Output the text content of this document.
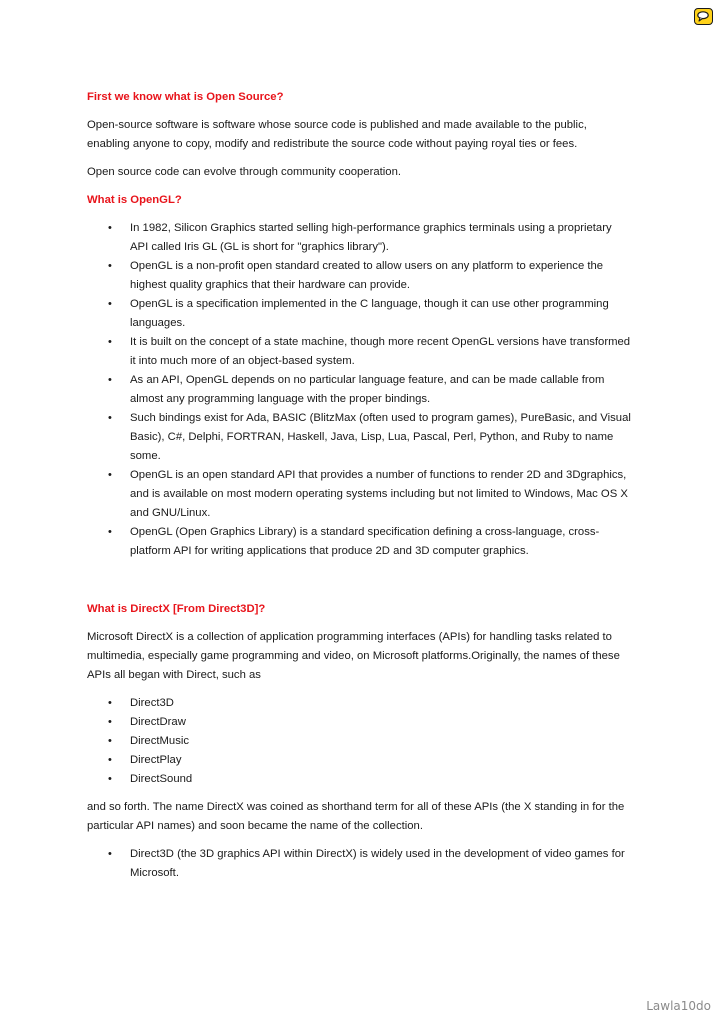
First we know what is Open Source?
Open-source software is software whose source code is published and made available to the public, enabling anyone to copy, modify and redistribute the source code without paying royal ties or fees.
Open source code can evolve through community cooperation.
What is OpenGL?
• In 1982, Silicon Graphics started selling high-performance graphics terminals using a proprietary API called Iris GL (GL is short for "graphics library").
• OpenGL is a non-profit open standard created to allow users on any platform to experience the highest quality graphics that their hardware can provide.
• OpenGL is a specification implemented in the C language, though it can use other programming languages.
• It is built on the concept of a state machine, though more recent OpenGL versions have transformed it into much more of an object-based system.
• As an API, OpenGL depends on no particular language feature, and can be made callable from almost any programming language with the proper bindings.
• Such bindings exist for Ada, BASIC (BlitzMax (often used to program games), PureBasic, and Visual Basic), C#, Delphi, FORTRAN, Haskell, Java, Lisp, Lua, Pascal, Perl, Python, and Ruby to name some.
• OpenGL is an open standard API that provides a number of functions to render 2D and 3Dgraphics, and is available on most modern operating systems including but not limited to Windows, Mac OS X and GNU/Linux.
• OpenGL (Open Graphics Library) is a standard specification defining a cross-language, cross-platform API for writing applications that produce 2D and 3D computer graphics.
What is DirectX [From Direct3D]?
Microsoft DirectX is a collection of application programming interfaces (APIs) for handling tasks related to multimedia, especially game programming and video, on Microsoft platforms.Originally, the names of these APIs all began with Direct, such as
• Direct3D
• DirectDraw
• DirectMusic
• DirectPlay
• DirectSound
and so forth. The name DirectX was coined as shorthand term for all of these APIs (the X standing in for the particular API names) and soon became the name of the collection.
• Direct3D (the 3D graphics API within DirectX) is widely used in the development of video games for Microsoft.
Lawla10do
